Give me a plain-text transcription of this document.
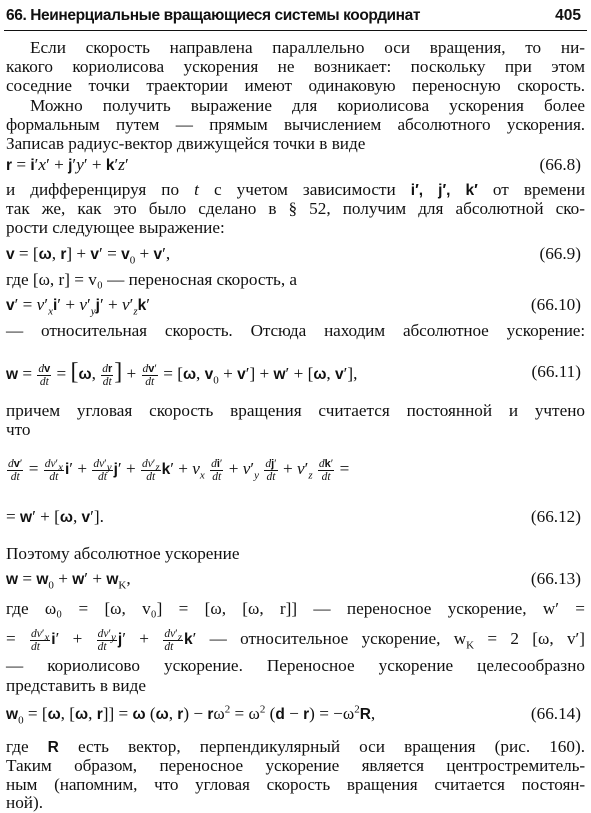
66. Неинерциальные вращающиеся системы координат	405
Если скорость направлена параллельно оси вращения, то ни-
какого кориолисова ускорения не возникает: поскольку при этом
соседние точки траектории имеют одинаковую переносную скорость.
Можно получить выражение для кориолисова ускорения более
формальным путем — прямым вычислением абсолютного ускорения.
Записав радиус-вектор движущейся точки в виде
r = i′x′ + j′y′ + k′z′	(66.8)
и дифференцируя по t с учетом зависимости i′, j′, k′ от времени
так же, как это было сделано в § 52, получим для абсолютной ско-
рости следующее выражение:
v = [ω, $r] + v' = v_0 + v'$,	(66.9)
где [ω, r] = v₀ — переносная скорость, а
$v' = v'_xi' + v'_yj' + v'_zk'$	(66.10)
— относительная скорость. Отсюда находим абсолютное ускорение:
$w = \frac{dv}{dt} = [\omega$, $\frac{dr}{dt}$ ] + $\frac{dv'}{dt} = [\omega$, $v_0 + v'] + w' + [\omega$, v′],	(66.11)
причем угловая скорость вращения считается постоянной и учтено
что
$\frac{dv'}{dt} = \frac{dv'_x}{dt} i' + \frac{dv'_y}{dt} j' + \frac{dv'_z}{dt} k' + v_x \frac{di'}{dt} + v'_y \frac{dj'}{dt} + v'_z \frac{dk'}{dt}$ =
= w′ + [ω, v′].	(66.12)
Поэтому абсолютное ускорение
$w = w_0 + w' + w_K$,	(66.13)
где ω₀ = [ω, v₀] = [ω, [ω, r]] — переносное ускорение, w′ =
= $\frac{dv'_x}{dt} i' + \frac{dv'_y}{dt} j' + \frac{dv'_z}{dt} k'$ — относительное ускорение, $w_K = 2$ [ω, v′]
— кориолисово ускорение. Переносное ускорение целесообразно
представить в виде
$w_0 = [\omega$, [ω, r]] = ω (ω, $r) - r\omega^2 = \omega^2$ $(d - r) = -\omega^2R$,	(66.14)
где R есть вектор, перпендикулярный оси вращения (рис. 160).
Таким образом, переносное ускорение является центростремитель-
ным (напомним, что угловая скорость вращения считается постоян-
ной).
